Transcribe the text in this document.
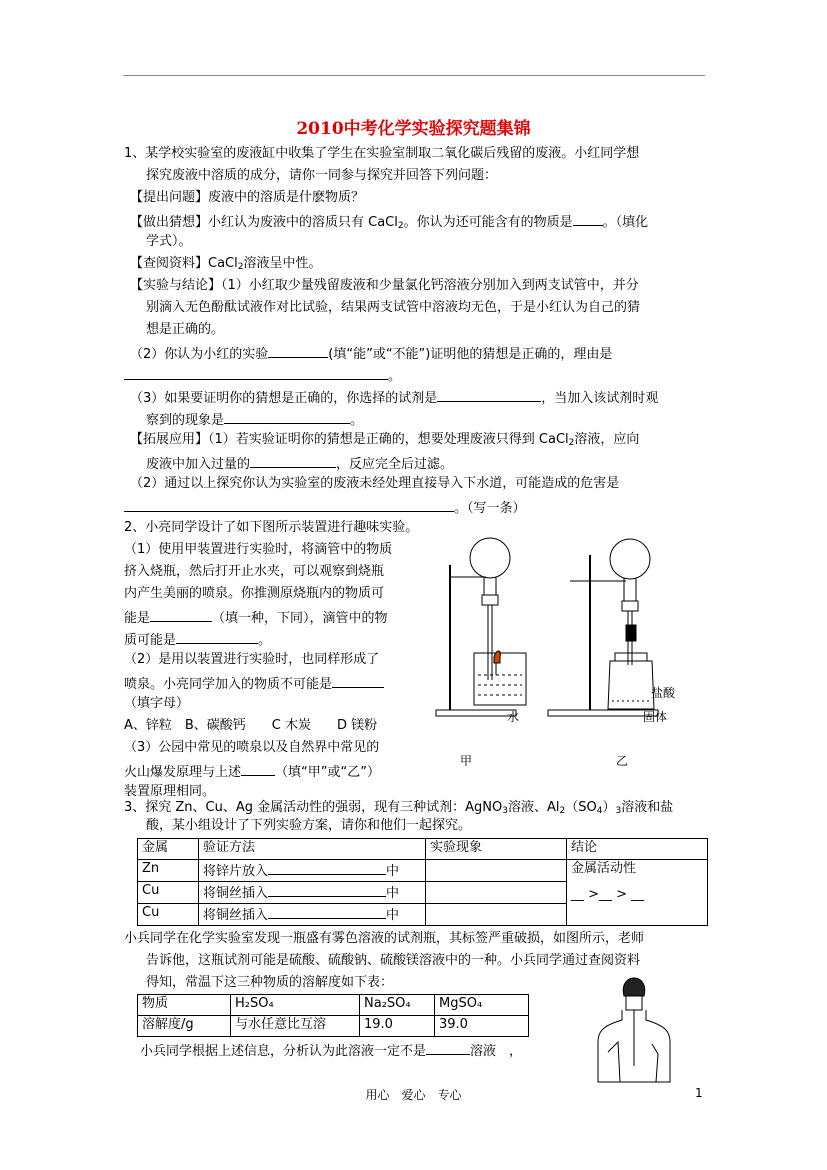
2010中考化学实验探究题集锦
1、某学校实验室的废液缸中收集了学生在实验室制取二氧化碳后残留的废液。小红同学想
探究废液中溶质的成分，请你一同参与探究并回答下列问题：
【提出问题】废液中的溶质是什麽物质？
【做出猜想】小红认为废液中的溶质只有 CaCl$_2$。你认为还可能含有的物质是 。（填化
学式）。
【查阅资料】CaCl$_2$溶液呈中性。
【实验与结论】（1）小红取少量残留废液和少量氯化钙溶液分别加入到两支试管中，并分
别滴入无色酚酞试液作对比试验，结果两支试管中溶液均无色，于是小红认为自己的猜
想是正确的。
（2）你认为小红的实验	(填“能”或“不能”)证明他的猜想是正确的，理由是
。
（3）如果要证明你的猜想是正确的，你选择的试剂是	，当加入该试剂时观
察到的现象是	。
【拓展应用】（1）若实验证明你的猜想是正确的，想要处理废液只得到 CaCl$_2$溶液，应向
废液中加入过量的	，反应完全后过滤。
（2）通过以上探究你认为实验室的废液未经处理直接导入下水道，可能造成的危害是
。（写一条）
2、小亮同学设计了如下图所示装置进行趣味实验。
（1）使用甲装置进行实验时，将滴管中的物质
挤入烧瓶，然后打开止水夹，可以观察到烧瓶
内产生美丽的喷泉。你推测原烧瓶内的物质可
能是	（填一种，下同），滴管中的物
质可能是	。
（2）是用以装置进行实验时，也同样形成了
喷泉。小亮同学加入的物质不可能是
（填字母）
A、锌粒　B、碳酸钙　　C 木炭　　D 镁粉
（3）公园中常见的喷泉以及自然界中常见的
火山爆发原理与上述	（填“甲”或“乙”）
装置原理相同。
水
盐酸
固体
甲	乙
3、探究 Zn、Cu、Ag 金属活动性的强弱，现有三种试剂：AgNO$_3$溶液、$Al_2(SO_4)_3$溶液和盐
酸，某小组设计了下列实验方案，请你和他们一起探究。
金属	验证方法	实验现象	结论
Zn	将锌片放入 中		金属活动性
__ >__ > __

Cu	将铜丝插入 中		
Cu	将铜丝插入 中		
小兵同学在化学实验室发现一瓶盛有雾色溶液的试剂瓶，其标签严重破损，如图所示，老师
告诉他，这瓶试剂可能是硫酸、硫酸钠、硫酸镁溶液中的一种。小兵同学通过查阅资料
得知，常温下这三种物质的溶解度如下表：
物质	H₂SO₄	Na₂SO₄	MgSO₄
溶解度/g	与水任意比互溶	19.0	39.0
小兵同学根据上述信息，分析认为此溶液一定不是	溶液　，
用心　爱心　专心	1
